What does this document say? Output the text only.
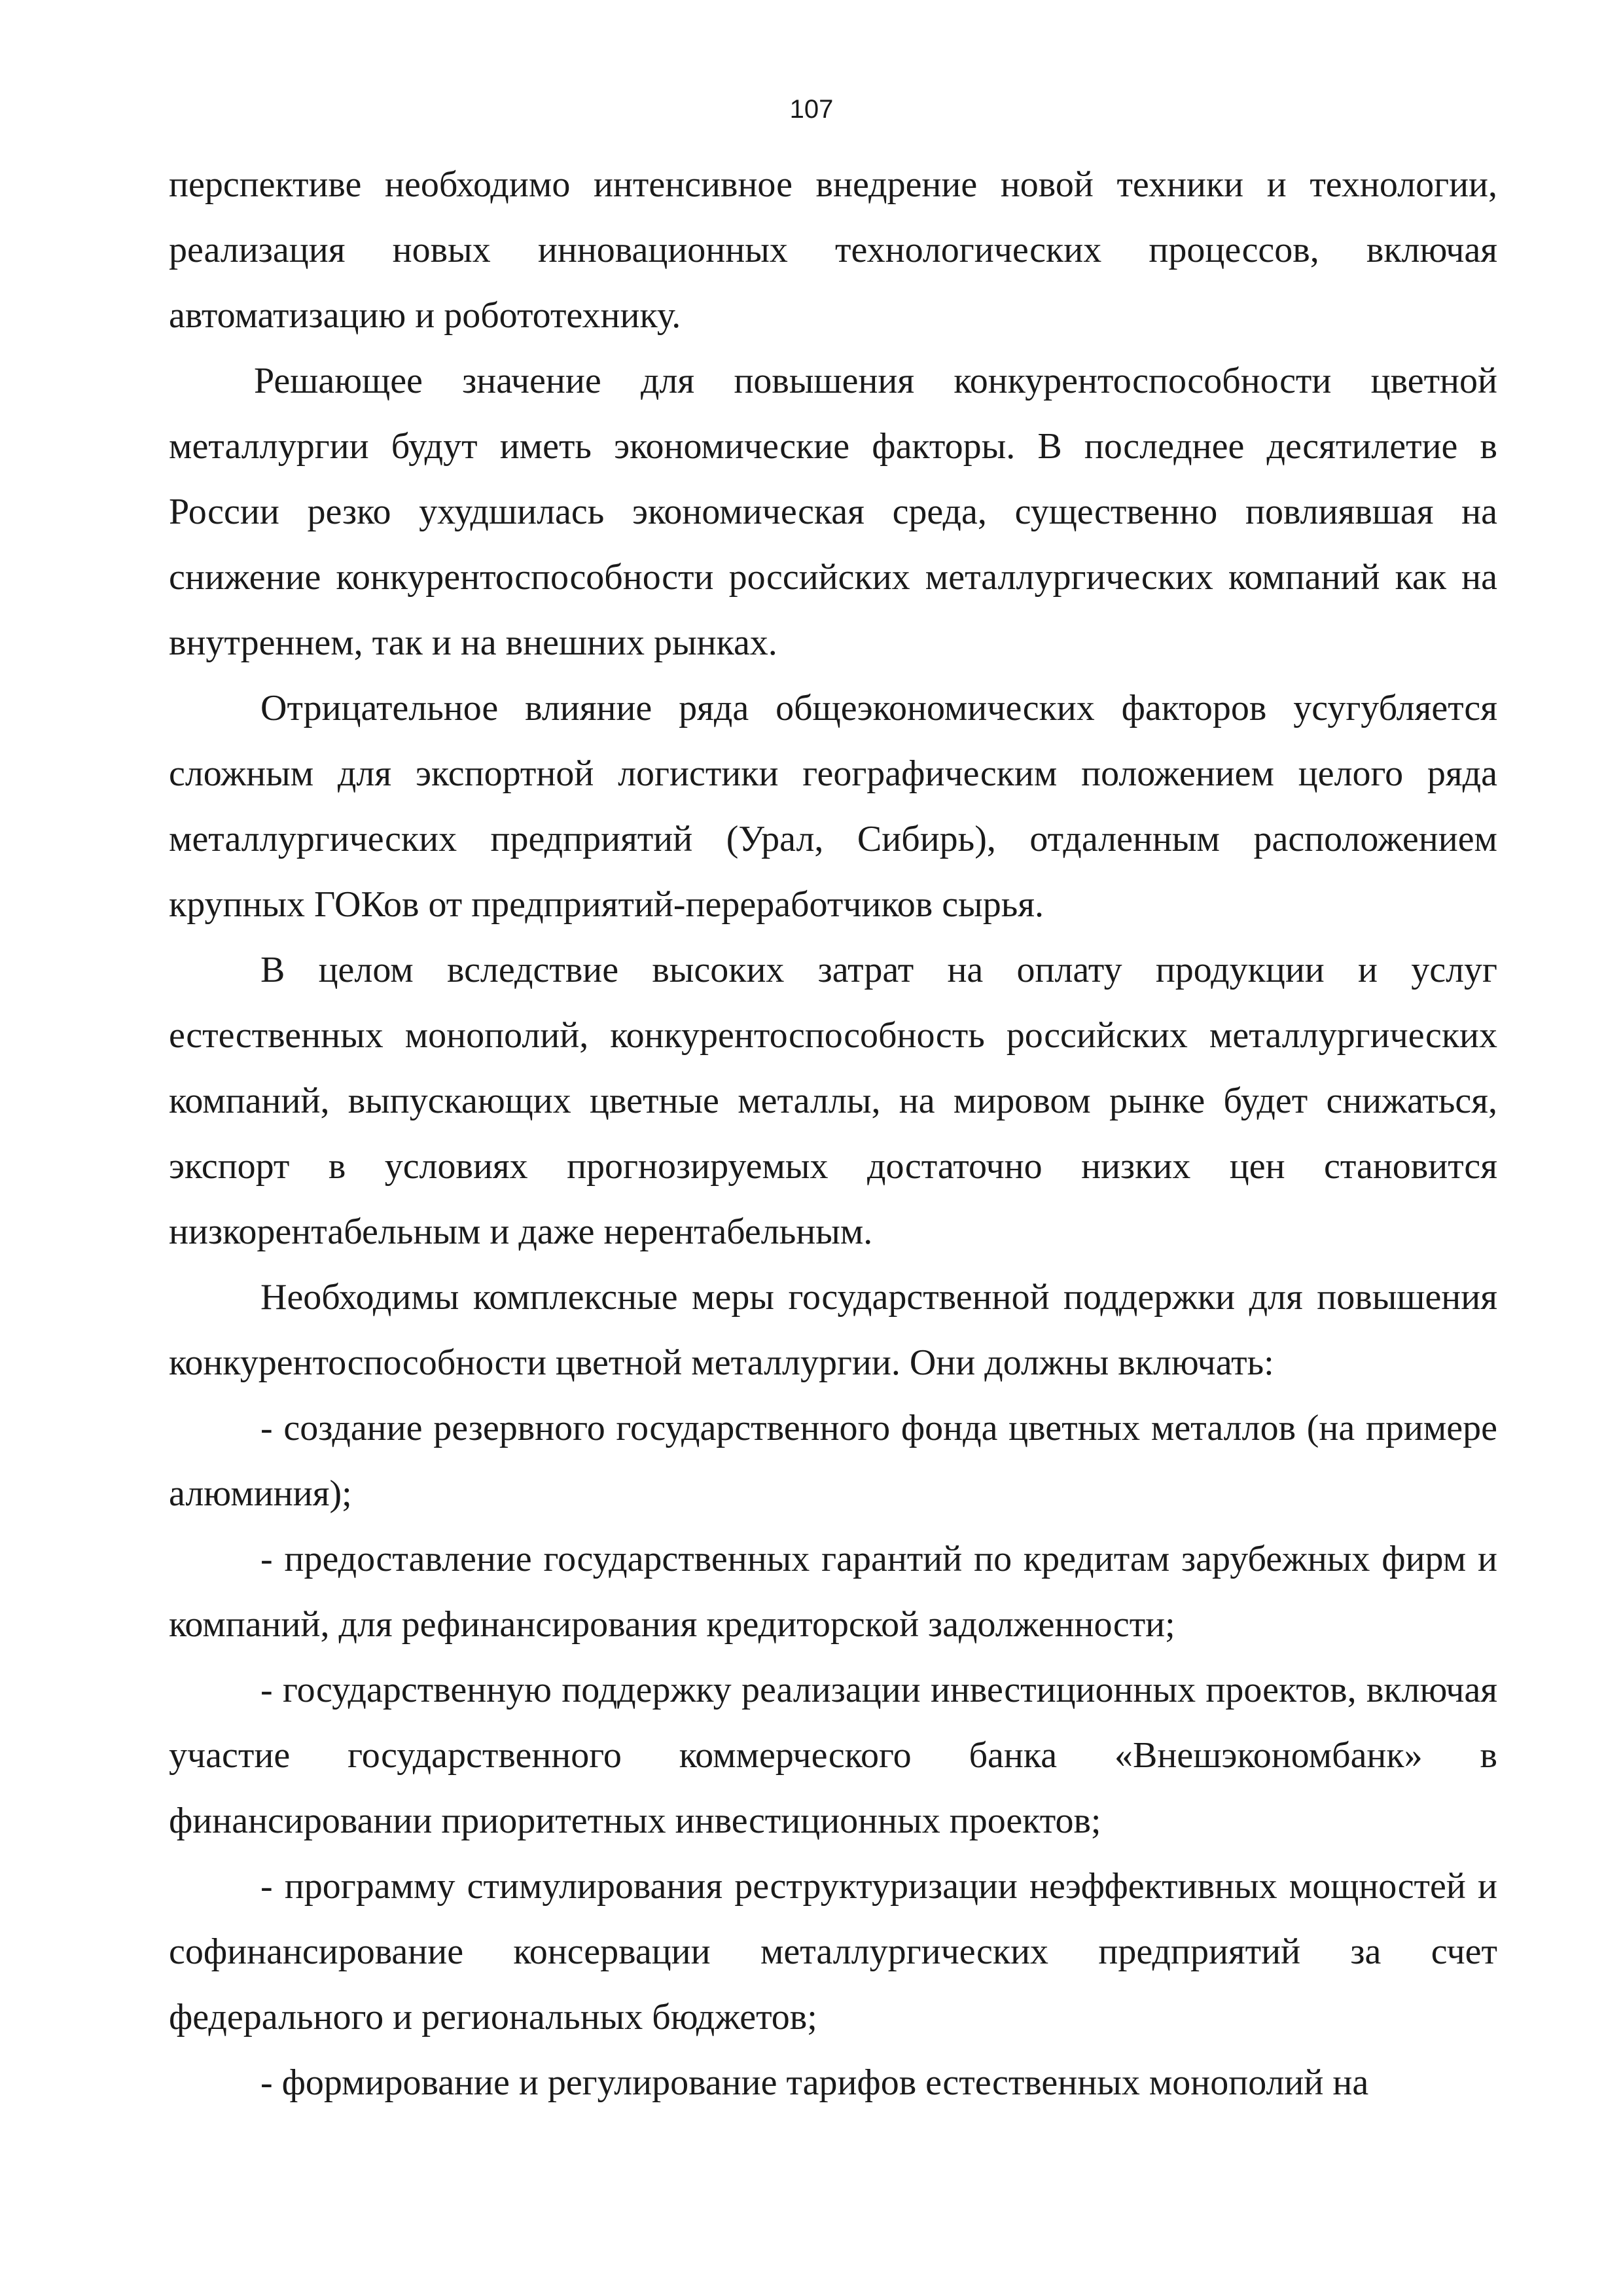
107

перспективе необходимо интенсивное внедрение новой техники и технологии, реализация новых инновационных технологических процессов, включая автоматизацию и робототехнику.

Решающее значение для повышения конкурентоспособности цветной металлургии будут иметь экономические факторы. В последнее десятилетие в России резко ухудшилась экономическая среда, существенно повлиявшая на снижение конкурентоспособности российских металлургических компаний как на внутреннем, так и на внешних рынках.

Отрицательное влияние ряда общеэкономических факторов усугубляется сложным для экспортной логистики географическим положением целого ряда металлургических предприятий (Урал, Сибирь), отдаленным расположением крупных ГОКов от предприятий-переработчиков сырья.

В целом вследствие высоких затрат на оплату продукции и услуг естественных монополий, конкурентоспособность российских металлургических компаний, выпускающих цветные металлы, на мировом рынке будет снижаться, экспорт в условиях прогнозируемых достаточно низких цен становится низкорентабельным и даже нерентабельным.

Необходимы комплексные меры государственной поддержки для повышения конкурентоспособности цветной металлургии. Они должны включать:

- создание резервного государственного фонда цветных металлов (на примере алюминия);

- предоставление государственных гарантий по кредитам зарубежных фирм и компаний, для рефинансирования кредиторской задолженности;

- государственную поддержку реализации инвестиционных проектов, включая участие государственного коммерческого банка «Внешэкономбанк» в финансировании приоритетных инвестиционных проектов;

- программу стимулирования реструктуризации неэффективных мощностей и софинансирование консервации металлургических предприятий за счет федерального и региональных бюджетов;

- формирование и регулирование тарифов естественных монополий на
